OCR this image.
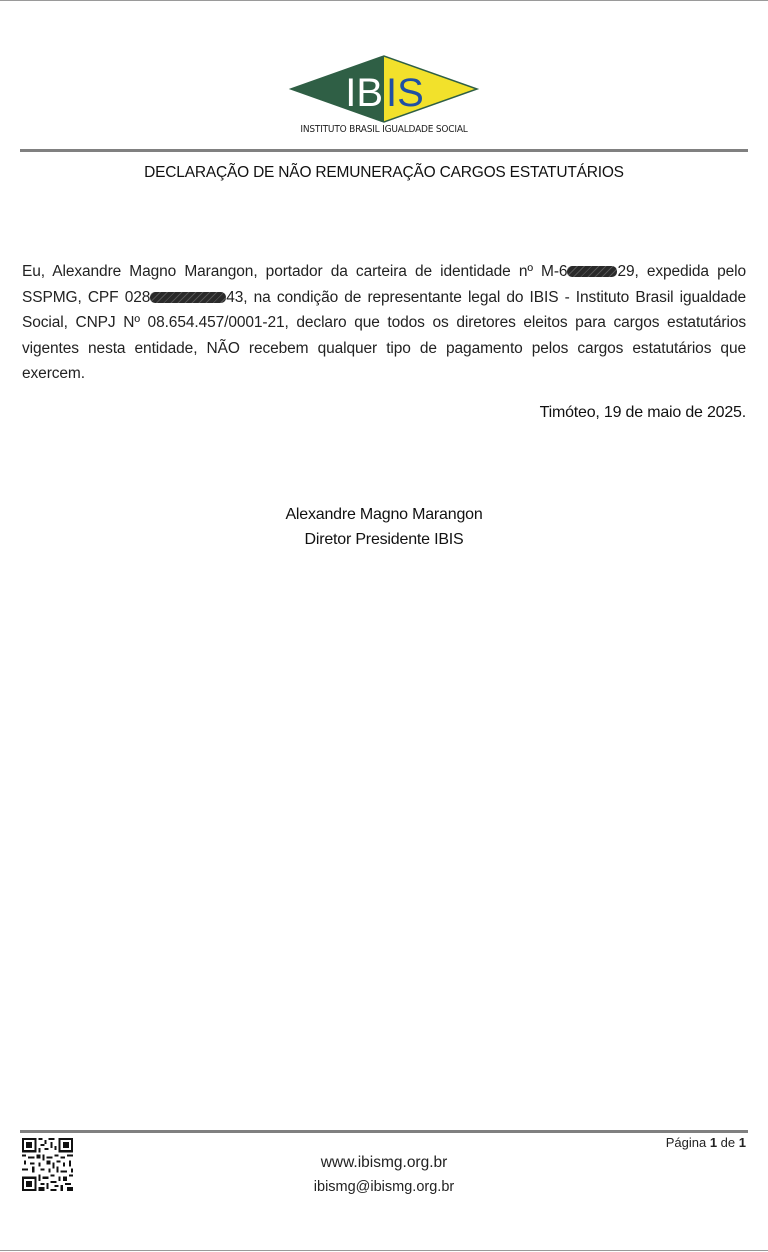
IB IS
INSTITUTO BRASIL IGUALDADE SOCIAL
DECLARAÇÃO DE NÃO REMUNERAÇÃO CARGOS ESTATUTÁRIOS
Eu, Alexandre Magno Marangon, portador da carteira de identidade nº M-6	29, expedida pelo SSPMG, CPF 028	43, na condição de representante legal do IBIS - Instituto Brasil igualdade Social, CNPJ Nº 08.654.457/0001-21, declaro que todos os diretores eleitos para cargos estatutários vigentes nesta entidade, NÃO recebem qualquer tipo de pagamento pelos cargos estatutários que exercem.
Timóteo, 19 de maio de 2025.
Alexandre Magno Marangon
Diretor Presidente IBIS
Página 1 de 1
www.ibismg.org.br
ibismg@ibismg.org.br
